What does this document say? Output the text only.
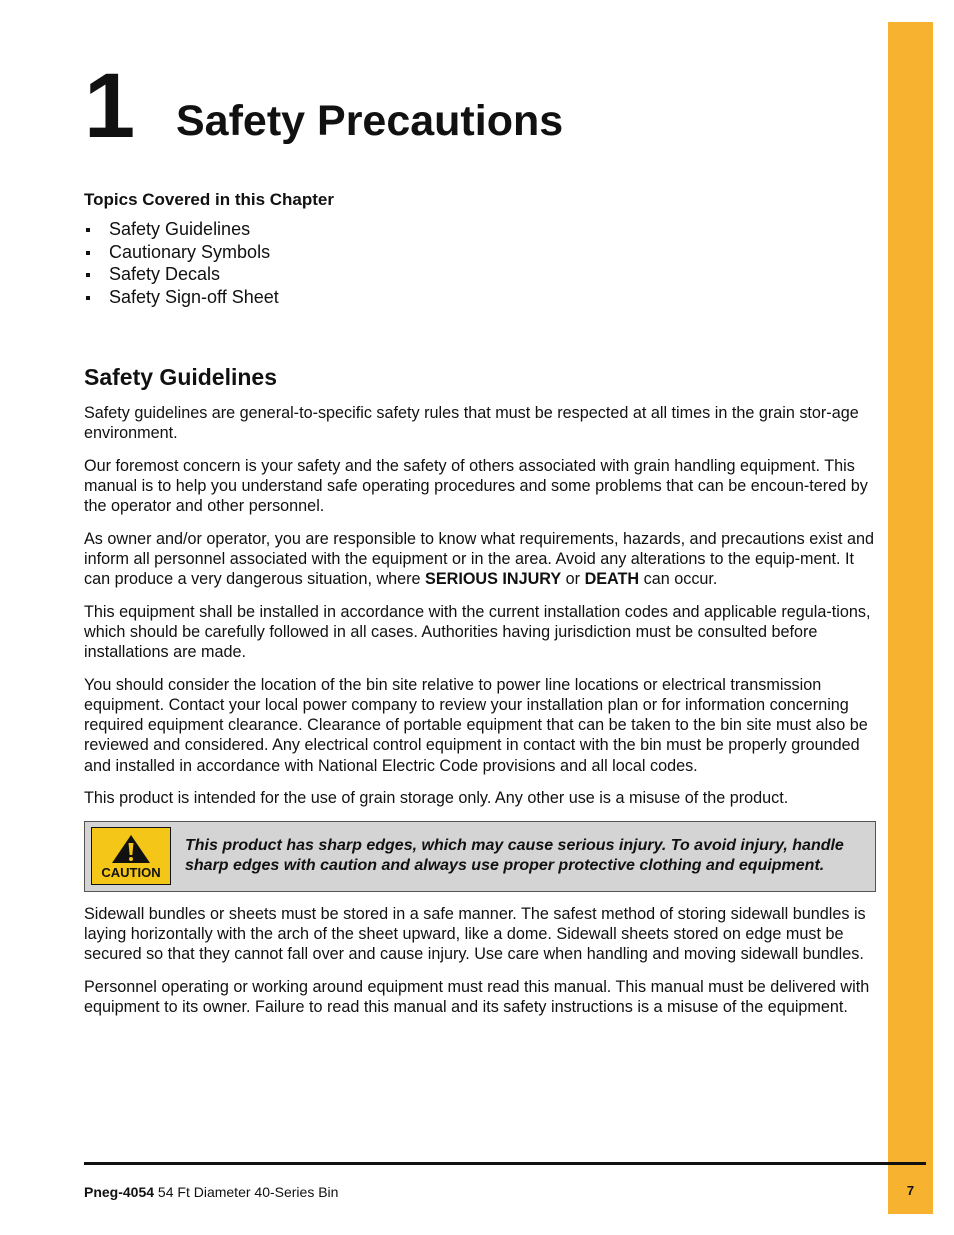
7
1 Safety Precautions
Topics Covered in this Chapter
Safety Guidelines
Cautionary Symbols
Safety Decals
Safety Sign-off Sheet
Safety Guidelines

Safety guidelines are general-to-specific safety rules that must be respected at all times in the grain stor-age environment.

Our foremost concern is your safety and the safety of others associated with grain handling equipment. This manual is to help you understand safe operating procedures and some problems that can be encoun-tered by the operator and other personnel.

As owner and/or operator, you are responsible to know what requirements, hazards, and precautions exist and inform all personnel associated with the equipment or in the area. Avoid any alterations to the equip-ment. It can produce a very dangerous situation, where SERIOUS INJURY or DEATH can occur.

This equipment shall be installed in accordance with the current installation codes and applicable regula-tions, which should be carefully followed in all cases. Authorities having jurisdiction must be consulted before installations are made.

You should consider the location of the bin site relative to power line locations or electrical transmission equipment. Contact your local power company to review your installation plan or for information concerning required equipment clearance. Clearance of portable equipment that can be taken to the bin site must also be reviewed and considered. Any electrical control equipment in contact with the bin must be properly grounded and installed in accordance with National Electric Code provisions and all local codes.

This product is intended for the use of grain storage only. Any other use is a misuse of the product.

CAUTION
This product has sharp edges, which may cause serious injury. To avoid injury, handle sharp edges with caution and always use proper protective clothing and equipment.

Sidewall bundles or sheets must be stored in a safe manner. The safest method of storing sidewall bundles is laying horizontally with the arch of the sheet upward, like a dome. Sidewall sheets stored on edge must be secured so that they cannot fall over and cause injury. Use care when handling and moving sidewall bundles.

Personnel operating or working around equipment must read this manual. This manual must be delivered with equipment to its owner. Failure to read this manual and its safety instructions is a misuse of the equipment.

Pneg-4054 54 Ft Diameter 40-Series Bin
